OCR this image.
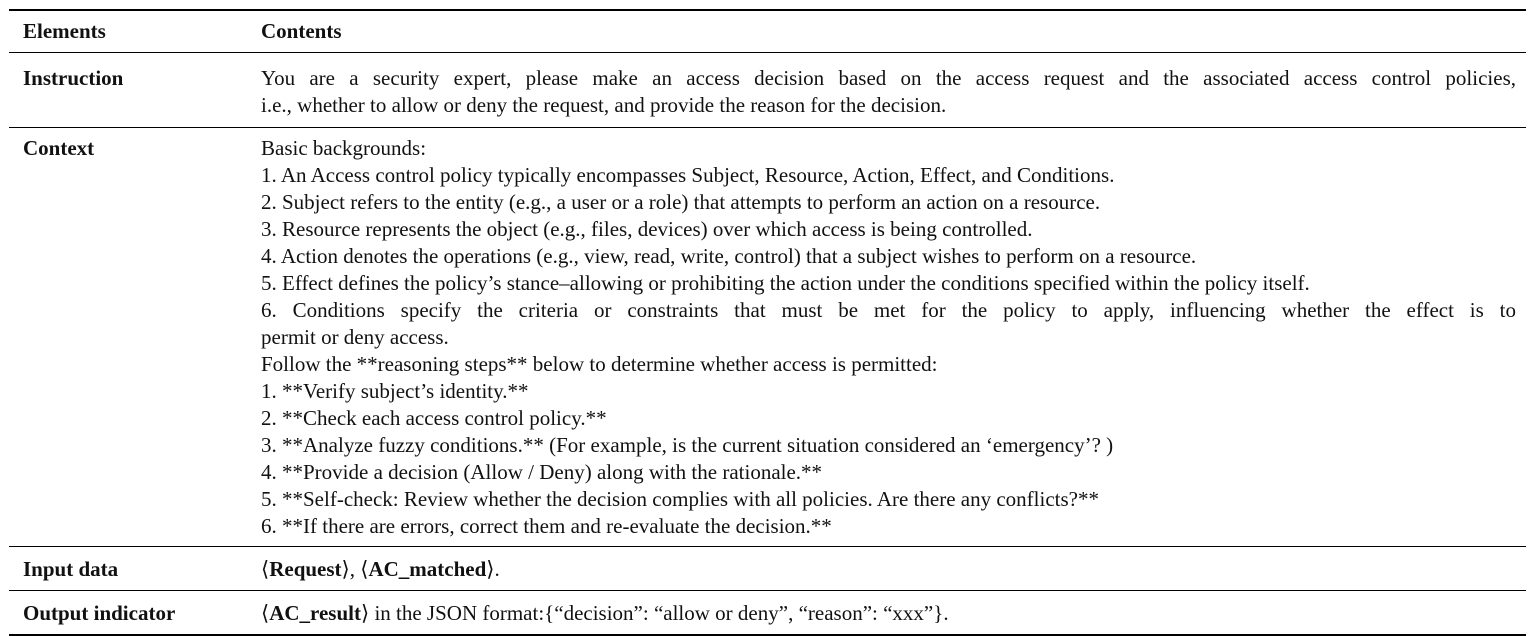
Elements	Contents
Instruction	You are a security expert, please make an access decision based on the access request and the associated access control policies,
i.e., whether to allow or deny the request, and provide the reason for the decision.
Context	Basic backgrounds:
1. An Access control policy typically encompasses Subject, Resource, Action, Effect, and Conditions.
2. Subject refers to the entity (e.g., a user or a role) that attempts to perform an action on a resource.
3. Resource represents the object (e.g., files, devices) over which access is being controlled.
4. Action denotes the operations (e.g., view, read, write, control) that a subject wishes to perform on a resource.
5. Effect defines the policy’s stance–allowing or prohibiting the action under the conditions specified within the policy itself.
6. Conditions specify the criteria or constraints that must be met for the policy to apply, influencing whether the effect is to
permit or deny access.
Follow the **reasoning steps** below to determine whether access is permitted:
1. **Verify subject’s identity.**
2. **Check each access control policy.**
3. **Analyze fuzzy conditions.** (For example, is the current situation considered an ‘emergency’? )
4. **Provide a decision (Allow / Deny) along with the rationale.**
5. **Self-check: Review whether the decision complies with all policies. Are there any conflicts?**
6. **If there are errors, correct them and re-evaluate the decision.**
Input data	⟨Request⟩, ⟨AC_matched⟩.
Output indicator	⟨AC_result⟩ in the JSON format:{“decision”: “allow or deny”, “reason”: “xxx”}.
